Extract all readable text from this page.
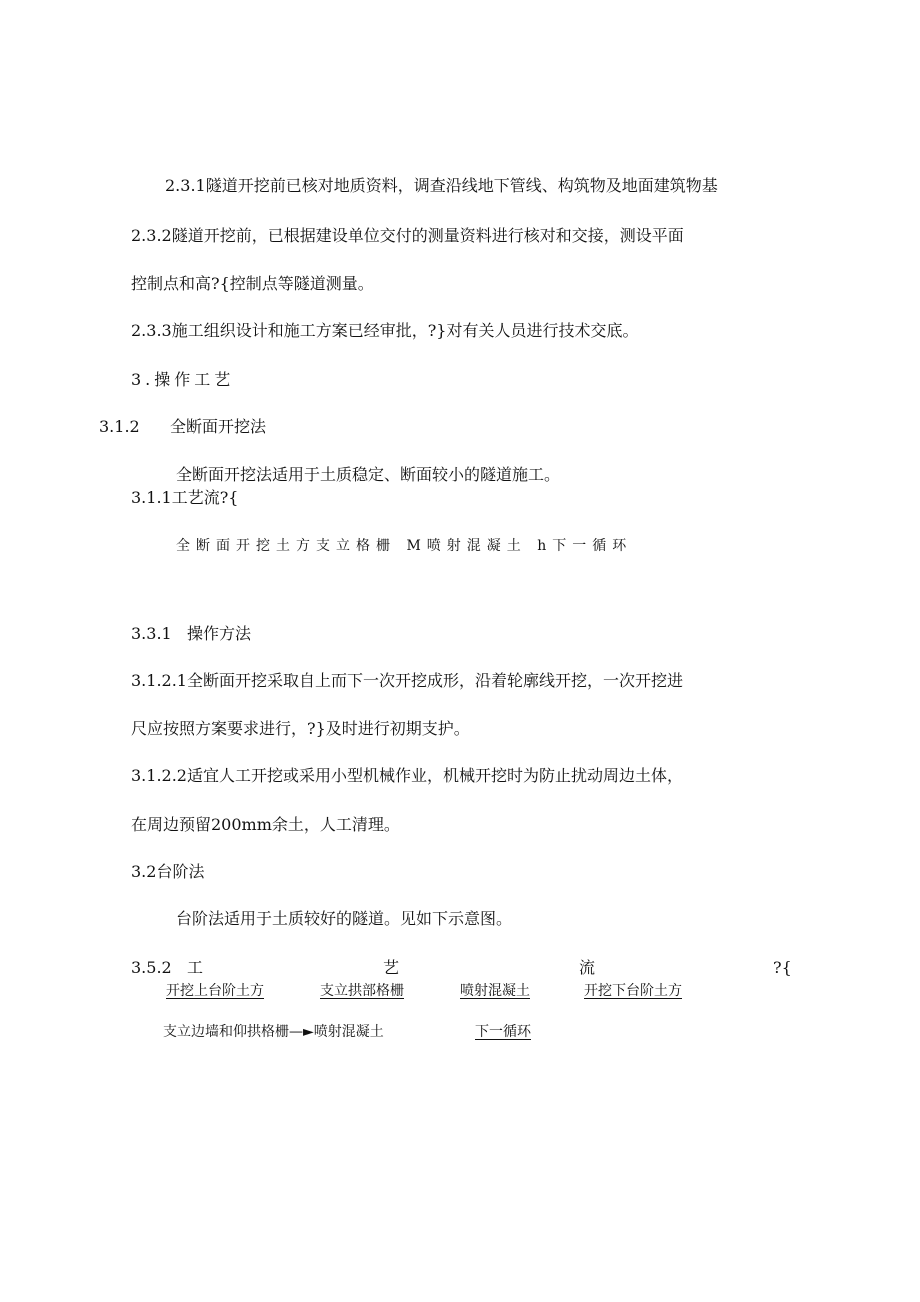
2.3.1隧道开挖前已核对地质资料，调查沿线地下管线、构筑物及地面建筑物基
2.3.2隧道开挖前，已根据建设单位交付的测量资料进行核对和交接，测设平面
控制点和高?{控制点等隧道测量。
2.3.3施工组织设计和施工方案已经审批，?}对有关人员进行技术交底。
3.操作工艺
3.1.2 全断面开挖法
全断面开挖法适用于土质稳定、断面较小的隧道施工。
3.1.1工艺流?{
全断面开挖土方支立格栅 M喷射混凝土 h下一循环
3.3.1 操作方法
3.1.2.1全断面开挖采取自上而下一次开挖成形，沿着轮廓线开挖，一次开挖进
尺应按照方案要求进行，?}及时进行初期支护。
3.1.2.2适宜人工开挖或采用小型机械作业，机械开挖时为防止扰动周边土体，
在周边预留200mm余土，人工清理。
3.2台阶法
台阶法适用于土质较好的隧道。见如下示意图。
3.5.2 工	艺	流	?{
开挖上台阶土方	支立拱部格栅	喷射混凝土	开挖下台阶土方
支立边墙和仰拱格栅—►喷射混凝土	下一循环
